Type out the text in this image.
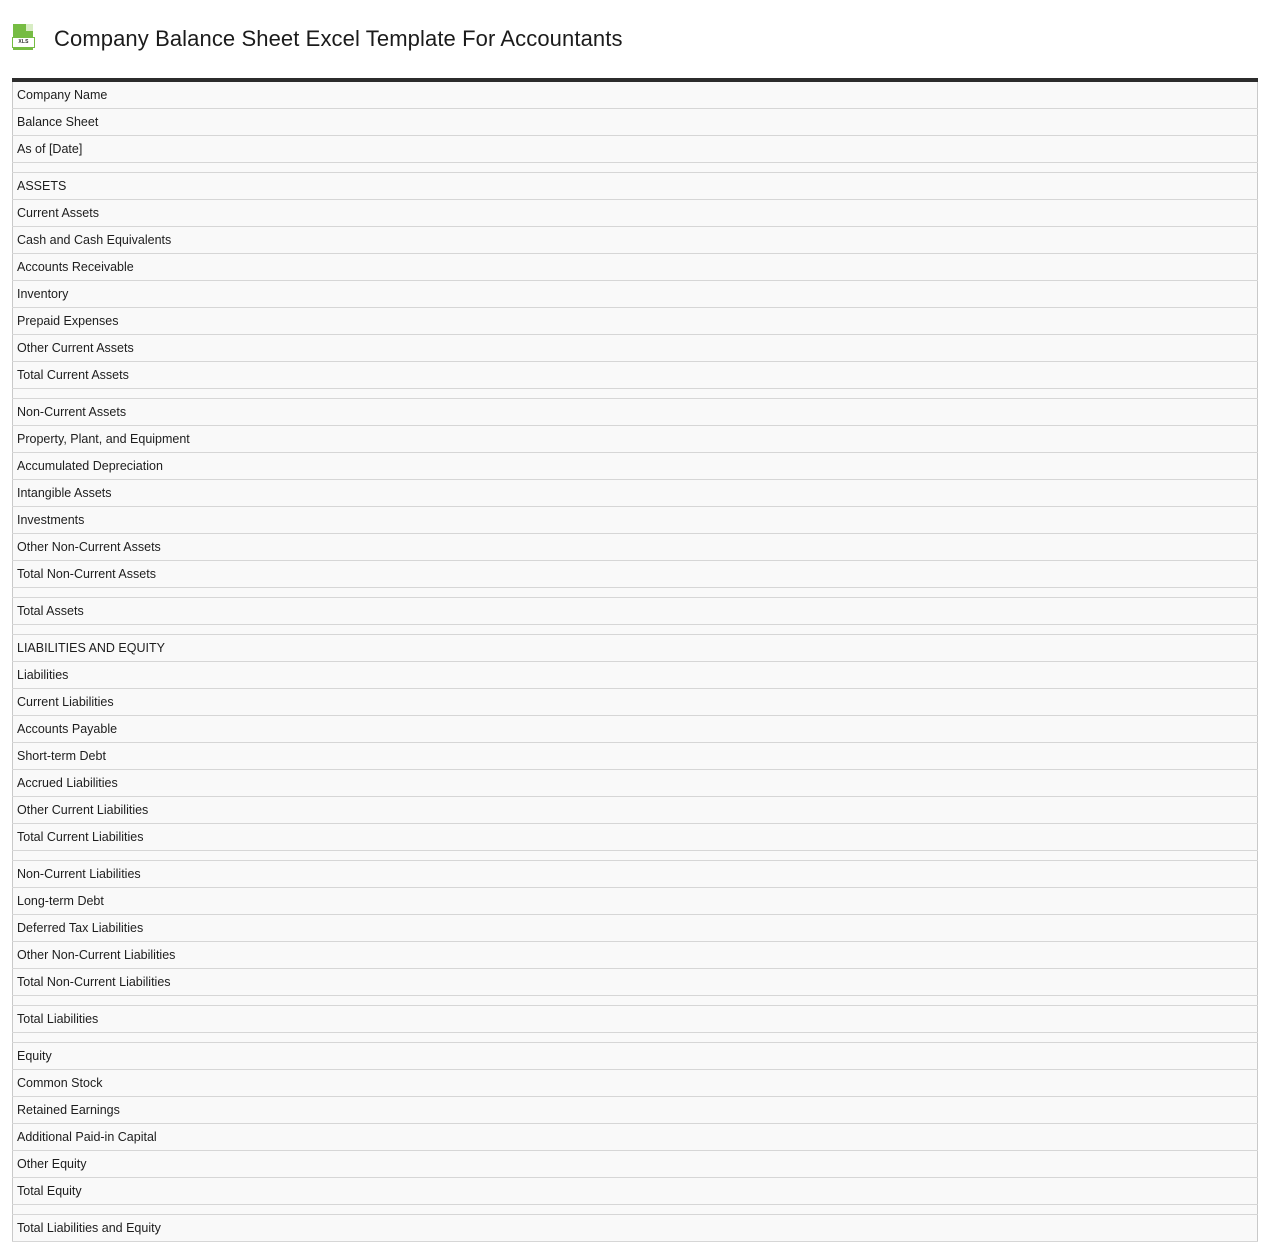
XLS Company Balance Sheet Excel Template For Accountants
Company Name
Balance Sheet
As of [Date]

ASSETS
Current Assets
Cash and Cash Equivalents
Accounts Receivable
Inventory
Prepaid Expenses
Other Current Assets
Total Current Assets

Non-Current Assets
Property, Plant, and Equipment
Accumulated Depreciation
Intangible Assets
Investments
Other Non-Current Assets
Total Non-Current Assets

Total Assets

LIABILITIES AND EQUITY
Liabilities
Current Liabilities
Accounts Payable
Short-term Debt
Accrued Liabilities
Other Current Liabilities
Total Current Liabilities

Non-Current Liabilities
Long-term Debt
Deferred Tax Liabilities
Other Non-Current Liabilities
Total Non-Current Liabilities

Total Liabilities

Equity
Common Stock
Retained Earnings
Additional Paid-in Capital
Other Equity
Total Equity

Total Liabilities and Equity
